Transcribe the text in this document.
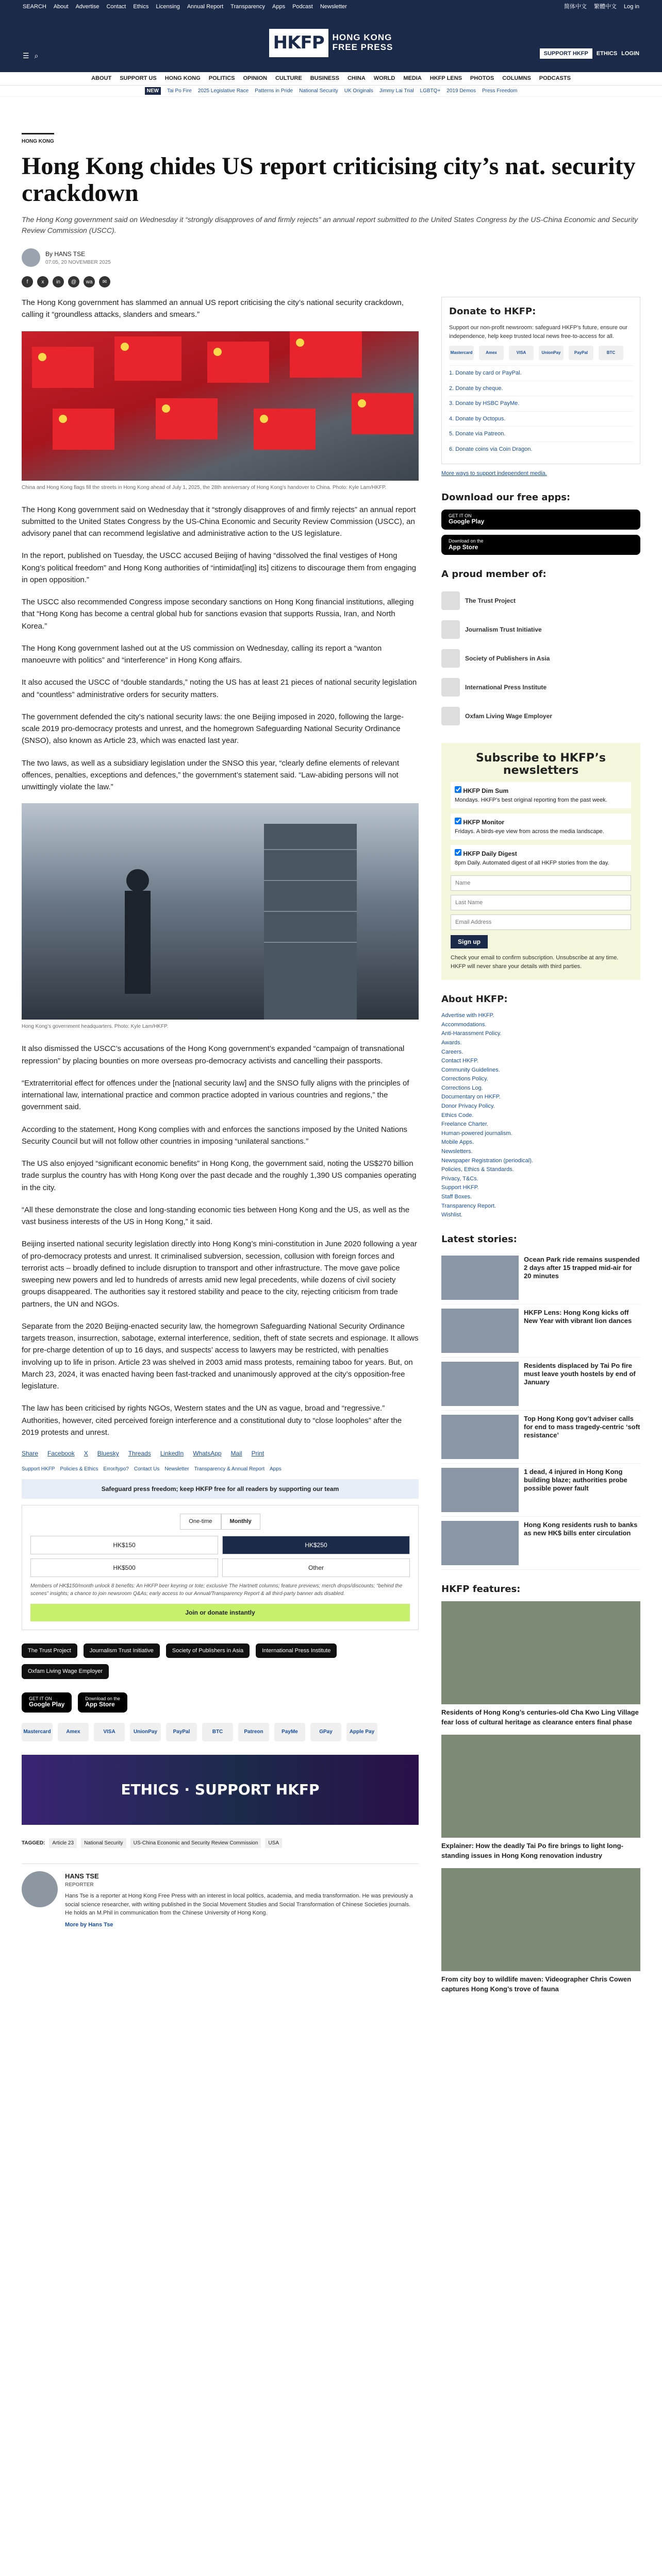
SEARCH About Advertise Contact Ethics Licensing Annual Report Transparency Apps Podcast Newsletter	简体中文 繁體中文 Log in
☰ ⌕
HKFP HONG KONG
FREE PRESS
SUPPORT HKFP	ETHICS LOGIN
ABOUT SUPPORT US HONG KONG POLITICS OPINION CULTURE BUSINESS CHINA WORLD MEDIA HKFP LENS PHOTOS COLUMNS PODCASTS
NEW	Tai Po Fire 2025 Legislative Race Patterns in Pride National Security UK Originals Jimmy Lai Trial LGBTQ+ 2019 Demos Press Freedom
HONG KONG
Hong Kong chides US report criticising city’s nat. security crackdown

The Hong Kong government said on Wednesday it “strongly disapproves of and firmly rejects” an annual report submitted to the United States Congress by the US-China Economic and Security Review Commission (USCC).

By HANS TSE
07:05, 20 NOVEMBER 2025
f	x	in	@	wa	✉

The Hong Kong government has slammed an annual US report criticising the city’s national security crackdown, calling it “groundless attacks, slanders and smears.”

China and Hong Kong flags fill the streets in Hong Kong ahead of July 1, 2025, the 28th anniversary of Hong Kong’s handover to China. Photo: Kyle Lam/HKFP.

The Hong Kong government said on Wednesday that it “strongly disapproves of and firmly rejects” an annual report submitted to the United States Congress by the US-China Economic and Security Review Commission (USCC), an advisory panel that can recommend legislative and administrative action to the US legislature.

In the report, published on Tuesday, the USCC accused Beijing of having “dissolved the final vestiges of Hong Kong’s political freedom” and Hong Kong authorities of “intimidat[ing] its] citizens to discourage them from engaging in open opposition.”

The USCC also recommended Congress impose secondary sanctions on Hong Kong financial institutions, alleging that “Hong Kong has become a central global hub for sanctions evasion that supports Russia, Iran, and North Korea.”

The Hong Kong government lashed out at the US commission on Wednesday, calling its report a “wanton manoeuvre with politics” and “interference” in Hong Kong affairs.

It also accused the USCC of “double standards,” noting the US has at least 21 pieces of national security legislation and “countless” administrative orders for security matters.

The government defended the city’s national security laws: the one Beijing imposed in 2020, following the large-scale 2019 pro-democracy protests and unrest, and the homegrown Safeguarding National Security Ordinance (SNSO), also known as Article 23, which was enacted last year.

The two laws, as well as a subsidiary legislation under the SNSO this year, “clearly define elements of relevant offences, penalties, exceptions and defences,” the government’s statement said. “Law-abiding persons will not unwittingly violate the law.”

Hong Kong’s government headquarters. Photo: Kyle Lam/HKFP.

It also dismissed the USCC’s accusations of the Hong Kong government’s expanded “campaign of transnational repression” by placing bounties on more overseas pro-democracy activists and cancelling their passports.

“Extraterritorial effect for offences under the [national security law] and the SNSO fully aligns with the principles of international law, international practice and common practice adopted in various countries and regions,” the government said.

According to the statement, Hong Kong complies with and enforces the sanctions imposed by the United Nations Security Council but will not follow other countries in imposing “unilateral sanctions.”

The US also enjoyed “significant economic benefits” in Hong Kong, the government said, noting the US$270 billion trade surplus the country has with Hong Kong over the past decade and the roughly 1,390 US companies operating in the city.

“All these demonstrate the close and long-standing economic ties between Hong Kong and the US, as well as the vast business interests of the US in Hong Kong,” it said.

Beijing inserted national security legislation directly into Hong Kong’s mini-constitution in June 2020 following a year of pro-democracy protests and unrest. It criminalised subversion, secession, collusion with foreign forces and terrorist acts – broadly defined to include disruption to transport and other infrastructure. The move gave police sweeping new powers and led to hundreds of arrests amid new legal precedents, while dozens of civil society groups disappeared. The authorities say it restored stability and peace to the city, rejecting criticism from trade partners, the UN and NGOs.

Separate from the 2020 Beijing-enacted security law, the homegrown Safeguarding National Security Ordinance targets treason, insurrection, sabotage, external interference, sedition, theft of state secrets and espionage. It allows for pre-charge detention of up to 16 days, and suspects’ access to lawyers may be restricted, with penalties involving up to life in prison. Article 23 was shelved in 2003 amid mass protests, remaining taboo for years. But, on March 23, 2024, it was enacted having been fast-tracked and unanimously approved at the city’s opposition-free legislature.

The law has been criticised by rights NGOs, Western states and the UN as vague, broad and “regressive.” Authorities, however, cited perceived foreign interference and a constitutional duty to “close loopholes” after the 2019 protests and unrest.

Share Facebook X Bluesky Threads LinkedIn WhatsApp Mail Print
Support HKFP Policies & Ethics Error/typo? Contact Us Newsletter Transparency & Annual Report Apps
Safeguard press freedom; keep HKFP free for all readers by supporting our team
One-time	Monthly
HK$150	HK$250
HK$500	Other
Members of HK$150/month unlock 8 benefits: An HKFP beer keyring or tote; exclusive The Hartnett columns; feature previews; merch drops/discounts; “behind the scenes” insights; a chance to join newsroom Q&As; early access to our Annual/Transparency Report & all third-party banner ads disabled.
Join or donate instantly
The Trust Project	Journalism Trust Initiative	Society of Publishers in Asia	International Press Institute
Oxfam Living Wage Employer
GET IT ON
Google Play
Download on the
App Store
Mastercard	Amex	VISA	UnionPay	PayPal	BTC	Patreon	PayMe	GPay	Apple Pay
ETHICS · SUPPORT HKFP
TAGGED:	Article 23	National Security	US-China Economic and Security Review Commission	USA
HANS TSE
REPORTER
Hans Tse is a reporter at Hong Kong Free Press with an interest in local politics, academia, and media transformation. He was previously a social science researcher, with writing published in the Social Movement Studies and Social Transformation of Chinese Societies journals. He holds an M.Phil in communication from the Chinese University of Hong Kong.
More by Hans Tse
Donate to HKFP:
Support our non-profit newsroom: safeguard HKFP’s future, ensure our independence, help keep trusted local news free-to-access for all.
Mastercard	Amex	VISA	UnionPay	PayPal	BTC
1. Donate by card or PayPal.
2. Donate by cheque.
3. Donate by HSBC PayMe.
4. Donate by Octopus.
5. Donate via Patreon.
6. Donate coins via Coin Dragon.
More ways to support independent media.
Download our free apps:
GET IT ON
Google Play
Download on the
App Store
A proud member of:
The Trust Project
Journalism Trust Initiative
Society of Publishers in Asia
International Press Institute
Oxfam Living Wage Employer
Subscribe to HKFP’s newsletters
HKFP Dim Sum
Mondays. HKFP’s best original reporting from the past week.
HKFP Monitor
Fridays. A birds-eye view from across the media landscape.
HKFP Daily Digest
8pm Daily. Automated digest of all HKFP stories from the day.
Name Last Name Email Address Sign up
Check your email to confirm subscription. Unsubscribe at any time. HKFP will never share your details with third parties.
About HKFP:
Advertise with HKFP.
Accommodations.
Anti-Harassment Policy.
Awards.
Careers.
Contact HKFP.
Community Guidelines.
Corrections Policy.
Corrections Log.
Documentary on HKFP.
Donor Privacy Policy.
Ethics Code.
Freelance Charter.
Human-powered journalism.
Mobile Apps.
Newsletters.
Newspaper Registration (periodical).
Policies, Ethics & Standards.
Privacy, T&Cs.
Support HKFP.
Staff Boxes.
Transparency Report.
Wishlist.
Latest stories:
Ocean Park ride remains suspended 2 days after 15 trapped mid-air for 20 minutes
HKFP Lens: Hong Kong kicks off New Year with vibrant lion dances
Residents displaced by Tai Po fire must leave youth hostels by end of January
Top Hong Kong gov’t adviser calls for end to mass tragedy-centric ‘soft resistance’
1 dead, 4 injured in Hong Kong building blaze; authorities probe possible power fault
Hong Kong residents rush to banks as new HK$ bills enter circulation
HKFP features:
Residents of Hong Kong’s centuries-old Cha Kwo Ling Village fear loss of cultural heritage as clearance enters final phase
Explainer: How the deadly Tai Po fire brings to light long-standing issues in Hong Kong renovation industry
From city boy to wildlife maven: Videographer Chris Cowen captures Hong Kong’s trove of fauna
